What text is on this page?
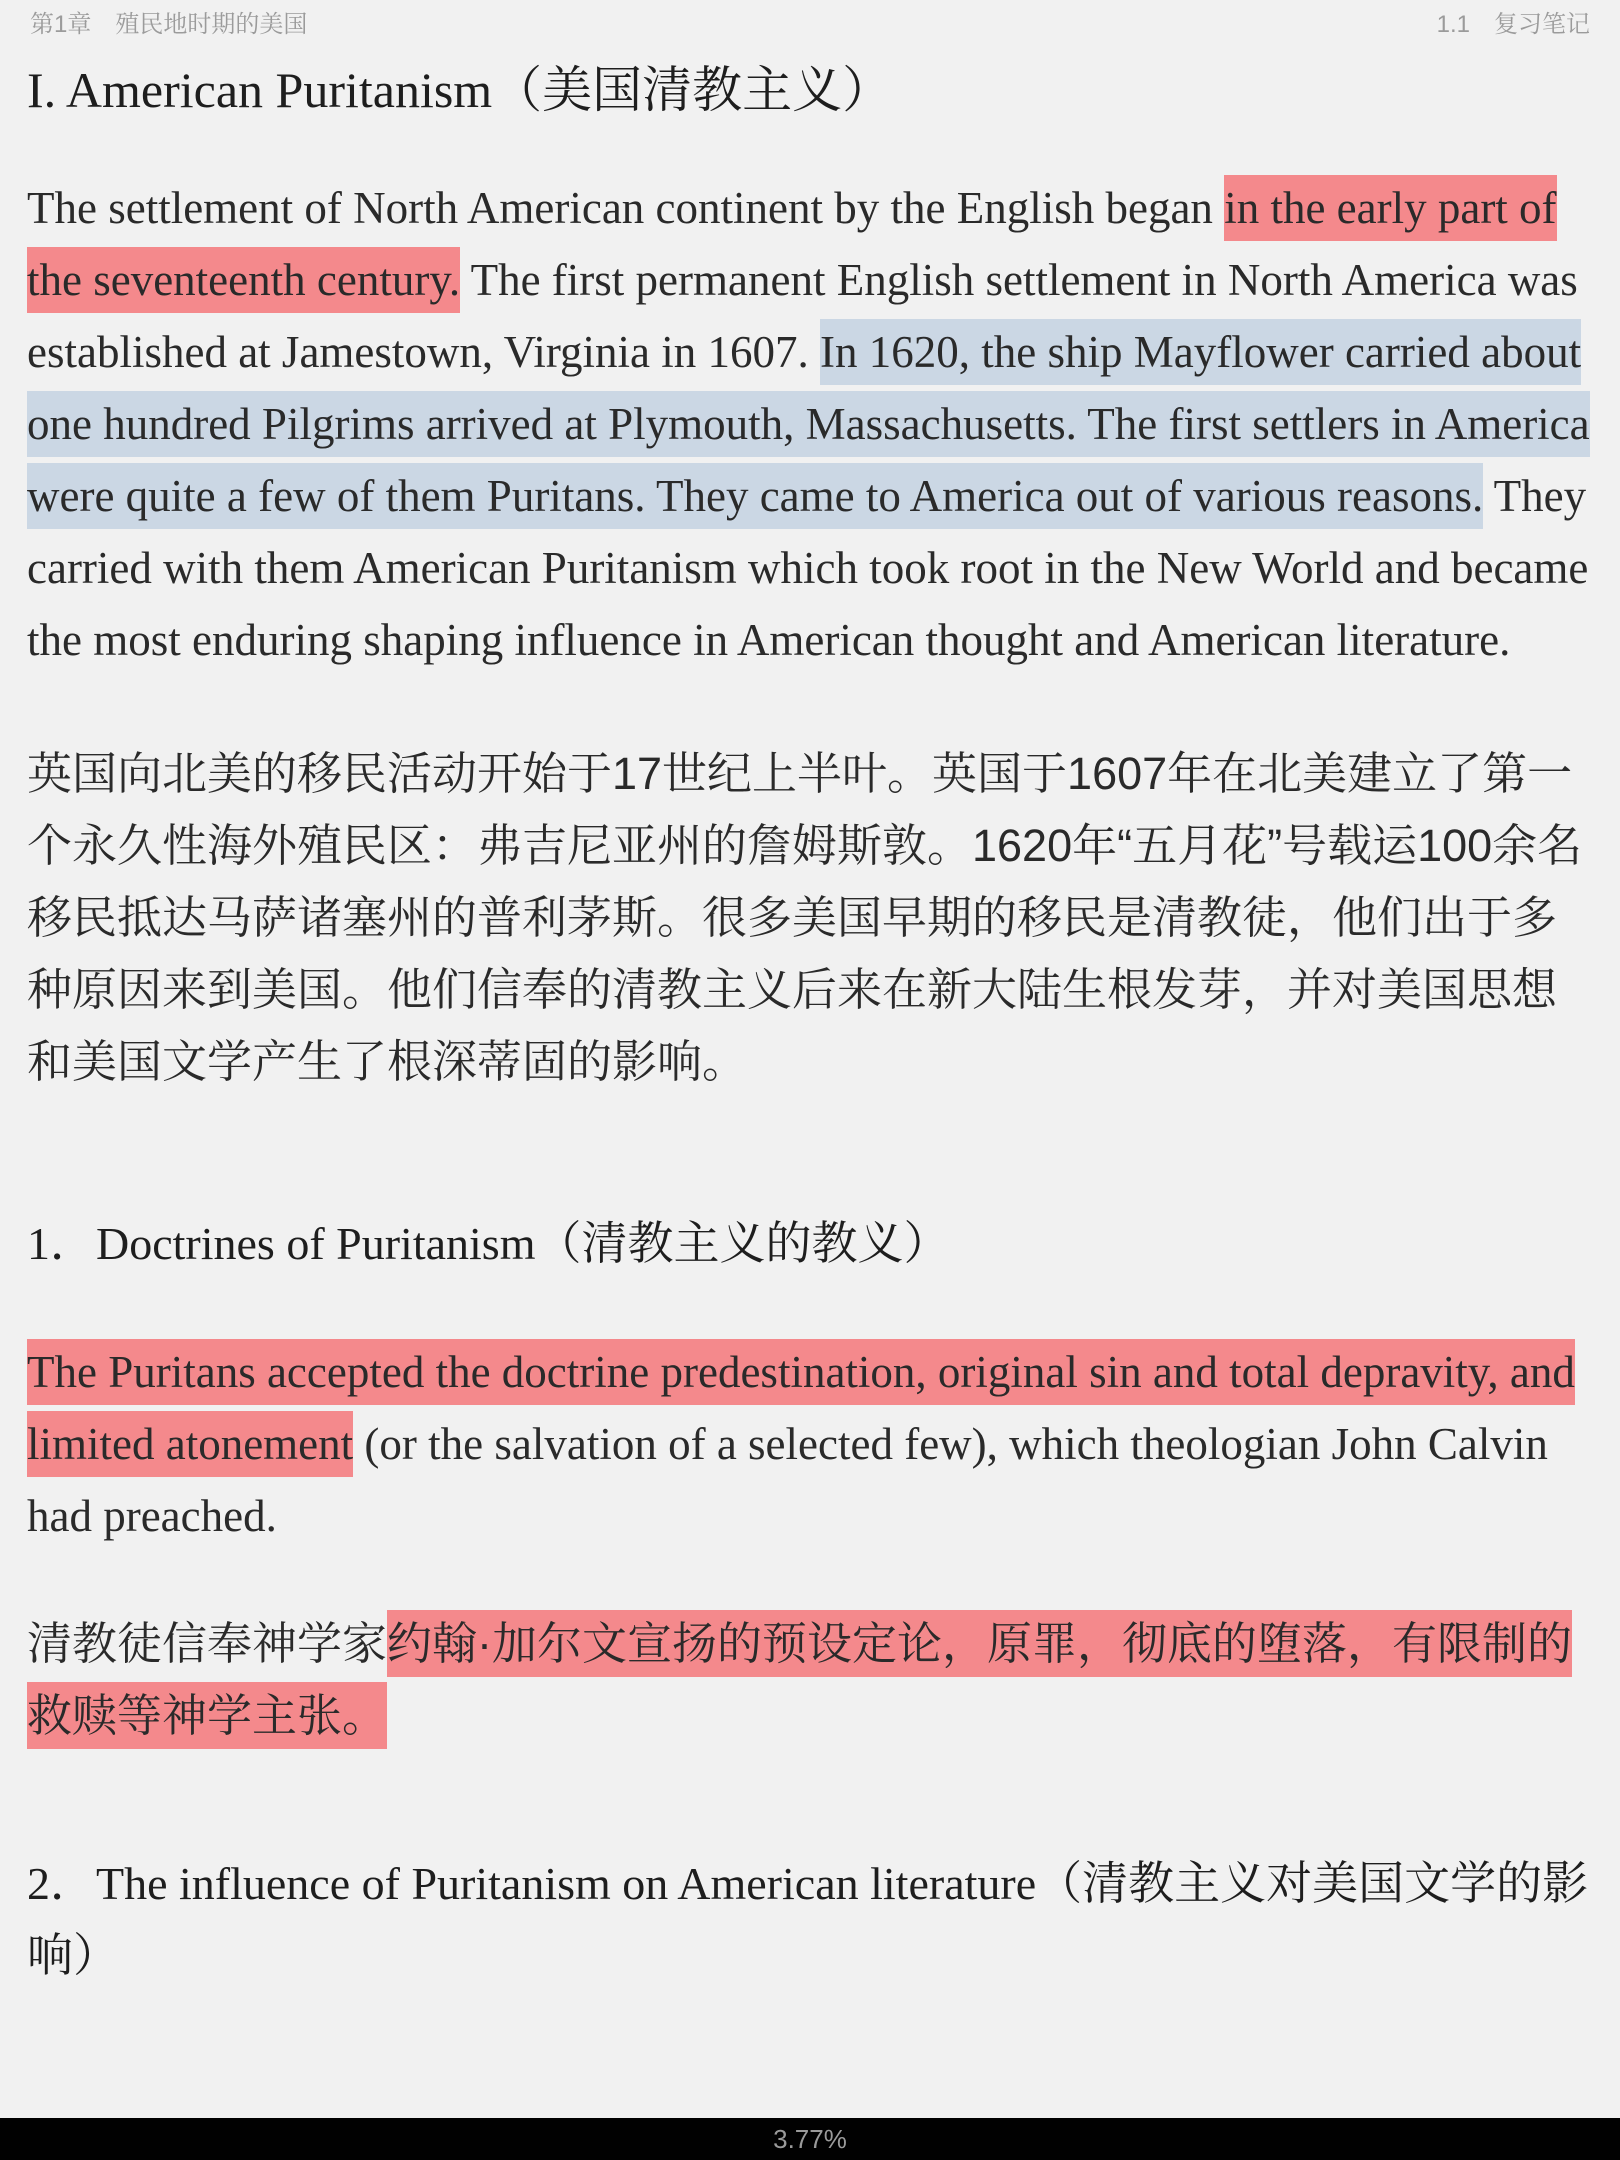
第1章　殖民地时期的美国	1.1　复习笔记
I. American Puritanism（美国清教主义）

The settlement of North American continent by the English began in the early part of the seventeenth century. The first permanent English settlement in North America was established at Jamestown, Virginia in 1607. In 1620, the ship Mayflower carried about one hundred Pilgrims arrived at Plymouth, Massachusetts. The first settlers in America were quite a few of them Puritans. They came to America out of various reasons. They carried with them American Puritanism which took root in the New World and became the most enduring shaping influence in American thought and American literature.

英国向北美的移民活动开始于17世纪上半叶。英国于1607年在北美建立了第一个永久性海外殖民区：弗吉尼亚州的詹姆斯敦。1620年“五月花”号载运100余名移民抵达马萨诸塞州的普利茅斯。很多美国早期的移民是清教徒，他们出于多种原因来到美国。他们信奉的清教主义后来在新大陆生根发芽，并对美国思想和美国文学产生了根深蒂固的影响。

1．Doctrines of Puritanism（清教主义的教义）

The Puritans accepted the doctrine predestination, original sin and total depravity, and limited atonement (or the salvation of a selected few), which theologian John Calvin had preached.

清教徒信奉神学家约翰·加尔文宣扬的预设定论，原罪，彻底的堕落，有限制的救赎等神学主张。

2．The influence of Puritanism on American literature（清教主义对美国文学的影响）
3.77%
